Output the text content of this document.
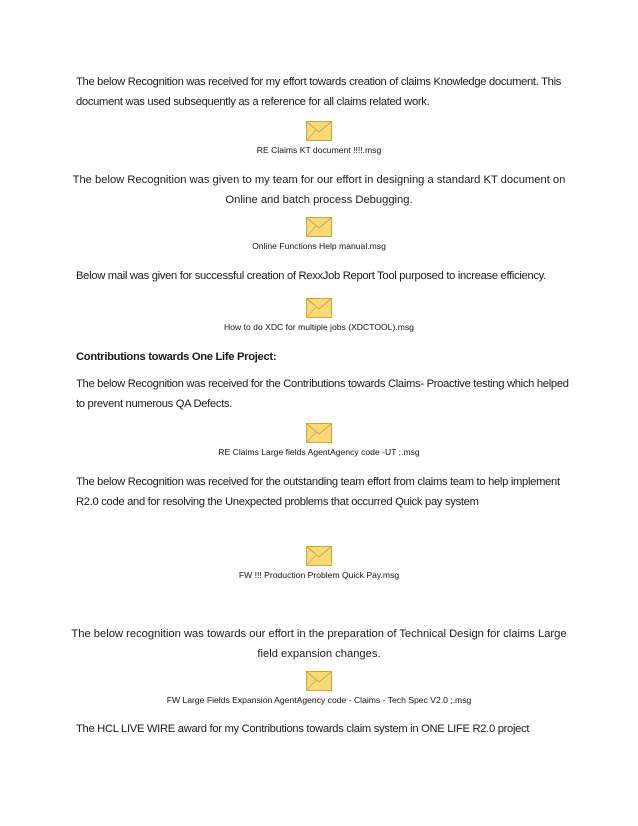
The below Recognition was received for my effort towards creation of claims Knowledge document. This document was used subsequently as a reference for all claims related work.

RE Claims KT document !!!!.msg

The below Recognition was given to my team for our effort in designing a standard KT document on Online and batch process Debugging.

Online Functions Help manual.msg

Below mail was given for successful creation of RexxJob Report Tool purposed to increase efficiency.

How to do XDC for multiple jobs (XDCTOOL).msg

Contributions towards One Life Project:

The below Recognition was received for the Contributions towards Claims- Proactive testing which helped to prevent numerous QA Defects.

RE Claims Large fields AgentAgency code -UT ;.msg

The below Recognition was received for the outstanding team effort from claims team to help implement R2.0 code and for resolving the Unexpected problems that occurred Quick pay system

FW !!! Production Problem Quick Pay.msg

The below recognition was towards our effort in the preparation of Technical Design for claims Large field expansion changes.

FW Large Fields Expansion AgentAgency code - Claims - Tech Spec V2.0 ;.msg

The HCL LIVE WIRE award for my Contributions towards claim system in ONE LIFE R2.0 project
